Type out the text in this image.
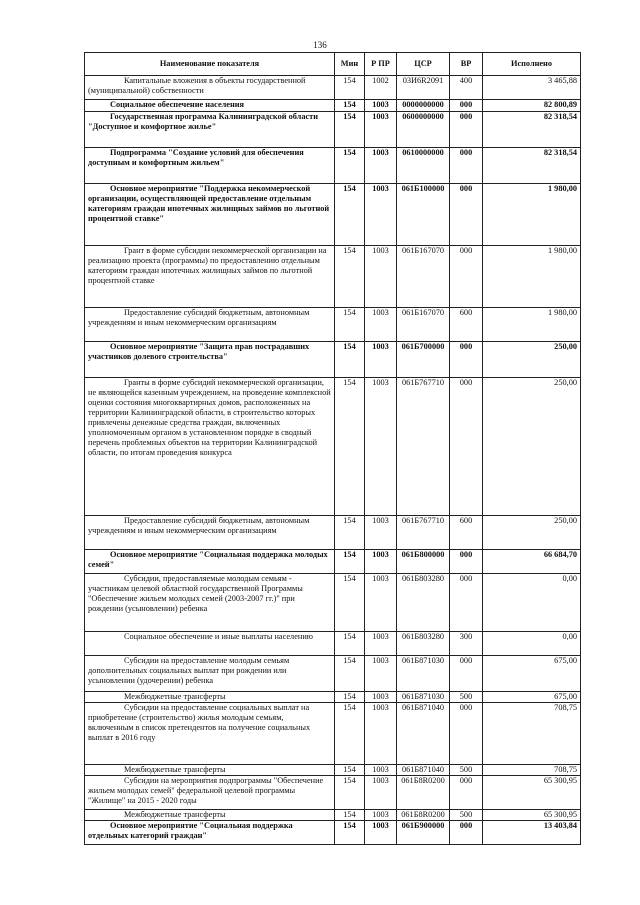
136
Наименование показателя	Мин	Р ПР	ЦСР	ВР	Исполнено
Капитальные вложения в объекты государственной (муниципальной) собственности	154	1002	03И6R2091	400	3 465,88
Социальное обеспечение населения	154	1003	0000000000	000	82 800,89
Государственная программа Калининградской области "Доступное и комфортное жилье"	154	1003	0600000000	000	82 318,54
Подпрограмма "Создание условий для обеспечения доступным и комфортным жильем"	154	1003	0610000000	000	82 318,54
Основное мероприятие "Поддержка некоммерческой организации, осуществляющей предоставление отдельным категориям граждан ипотечных жилищных займов по льготной процентной ставке"	154	1003	061Б100000	000	1 980,00
Грант в форме субсидии некоммерческой организации на реализацию проекта (программы) по предоставлению отдельным категориям граждан ипотечных жилищных займов по льготной процентной ставке	154	1003	061Б167070	000	1 980,00
Предоставление субсидий бюджетным, автономным учреждениям и иным некоммерческим организациям	154	1003	061Б167070	600	1 980,00
Основное мероприятие "Защита прав пострадавших участников долевого строительства"	154	1003	061Б700000	000	250,00
Гранты в форме субсидий некоммерческой организации, не являющейся казенным учреждением, на проведение комплексной оценки состояния многоквартирных домов, расположенных на территории Калининградской области, в строительство которых привлечены денежные средства граждан, включенных уполномоченным органом в установленном порядке в сводный перечень проблемных объектов на территории Калининградской области, по итогам проведения конкурса	154	1003	061Б767710	000	250,00
Предоставление субсидий бюджетным, автономным учреждениям и иным некоммерческим организациям	154	1003	061Б767710	600	250,00
Основное мероприятие "Социальная поддержка молодых семей"	154	1003	061Б800000	000	66 684,70
Субсидии, предоставляемые молодым семьям - участникам целевой областной государственной Программы "Обеспечение жильем молодых семей (2003-2007 гг.)" при рождении (усыновлении) ребенка	154	1003	061Б803280	000	0,00
Социальное обеспечение и иные выплаты населению	154	1003	061Б803280	300	0,00
Субсидии на предоставление молодым семьям дополнительных социальных выплат при рождении или усыновлении (удочерении) ребенка	154	1003	061Б871030	000	675,00
Межбюджетные трансферты	154	1003	061Б871030	500	675,00
Субсидии на предоставление социальных выплат на приобретение (строительство) жилья молодым семьям, включенным в список претендентов на получение социальных выплат в 2016 году	154	1003	061Б871040	000	708,75
Межбюджетные трансферты	154	1003	061Б871040	500	708,75
Субсидии на мероприятия подпрограммы "Обеспечение жильем молодых семей" федеральной целевой программы "Жилище" на 2015 - 2020 годы	154	1003	061Б8R0200	000	65 300,95
Межбюджетные трансферты	154	1003	061Б8R0200	500	65 300,95
Основное мероприятие "Социальная поддержка отдельных категорий граждан"	154	1003	061Б900000	000	13 403,84
